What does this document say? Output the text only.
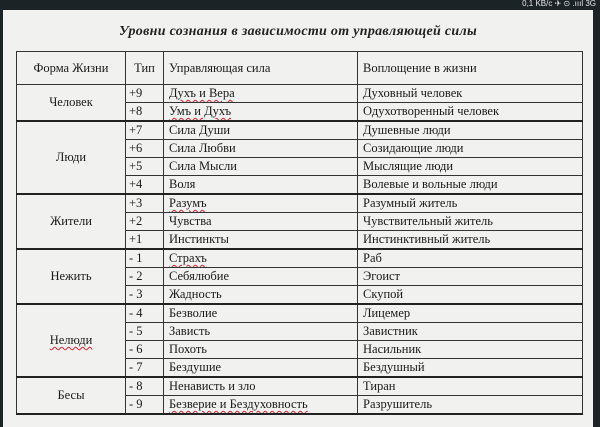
0,1 KB/c ✈ ⊙ .ıııl 3G
Уровни сознания в зависимости от управляющей силы
Форма Жизни	Тип	Управляющая сила	Воплощение в жизни
Человек	+9	Духъ и Вера	Духовный человек
	+8	Умъ и Духъ	Одухотворенный человек
Люди	+7	Сила Души	Душевные люди
	+6	Сила Любви	Созидающие люди
	+5	Сила Мысли	Мыслящие люди
	+4	Воля	Волевые и вольные люди
Жители	+3	Разумъ	Разумный житель
	+2	Чувства	Чувствительный житель
	+1	Инстинкты	Инстинктивный житель
Нежить	- 1	Страхъ	Раб
	- 2	Себялюбие	Эгоист
	- 3	Жадность	Скупой
Нелюди	- 4	Безволие	Лицемер
	- 5	Зависть	Завистник
	- 6	Похоть	Насильник
	- 7	Бездушие	Бездушный
Бесы	- 8	Ненависть и зло	Тиран
	- 9	Безверие и Бездуховность	Разрушитель
